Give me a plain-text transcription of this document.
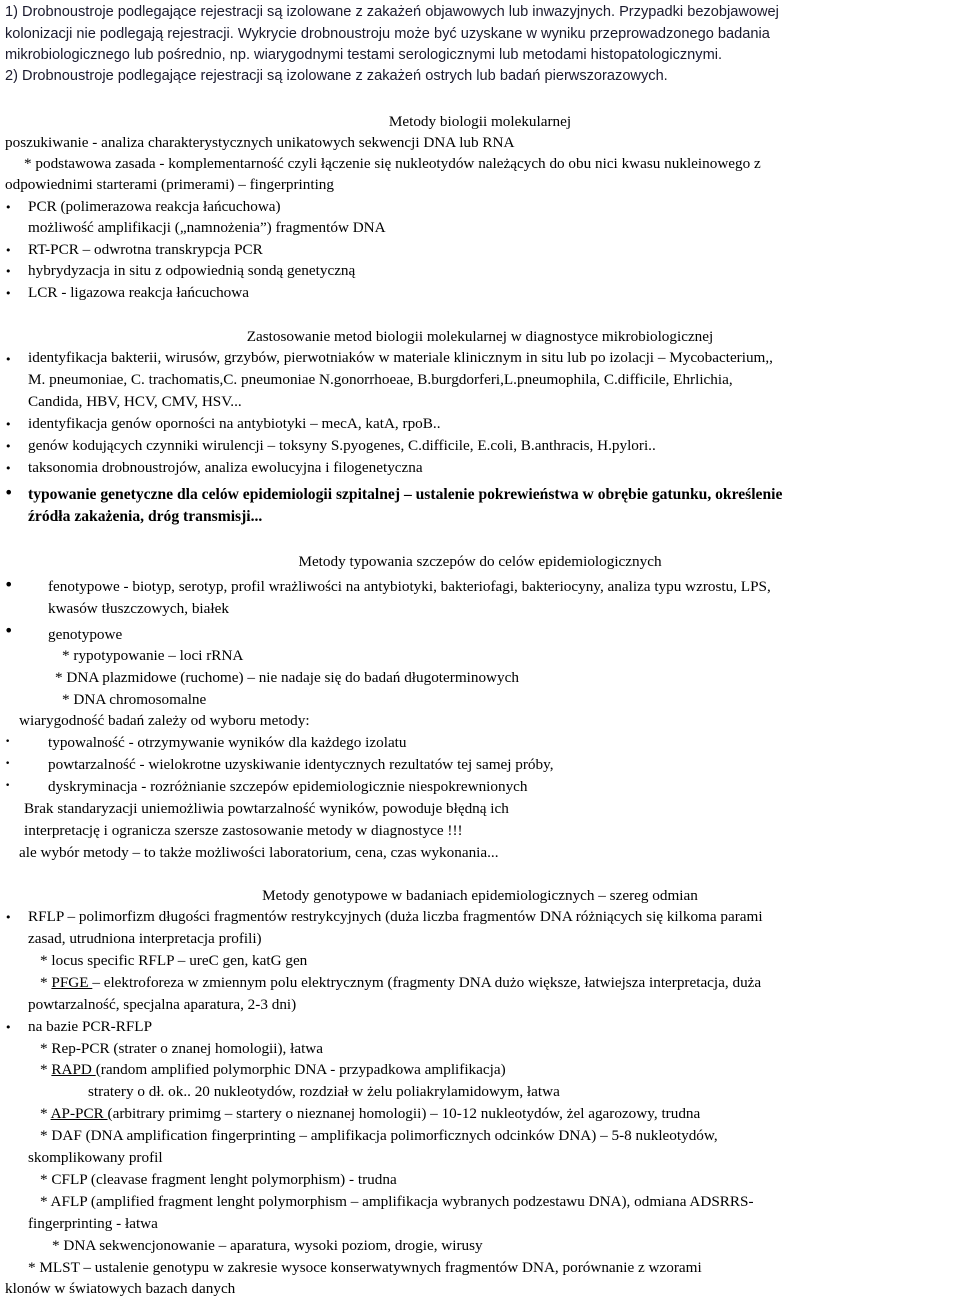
1) Drobnoustroje podlegające rejestracji są izolowane z zakażeń objawowych lub inwazyjnych. Przypadki bezobjawowej
kolonizacji nie podlegają rejestracji. Wykrycie drobnoustroju może być uzyskane w wyniku przeprowadzonego badania
mikrobiologicznego lub pośrednio, np. wiarygodnymi testami serologicznymi lub metodami histopatologicznymi.
2) Drobnoustroje podlegające rejestracji są izolowane z zakażeń ostrych lub badań pierwszorazowych.
Metody biologii molekularnej
poszukiwanie - analiza charakterystycznych unikatowych sekwencji DNA lub RNA
* podstawowa zasada - komplementarność czyli łączenie się nukleotydów należących do obu nici kwasu nukleinowego z
odpowiednimi starterami (primerami) – fingerprinting
• PCR (polimerazowa reakcja łańcuchowa)
możliwość amplifikacji („namnożenia”) fragmentów DNA
• RT-PCR – odwrotna transkrypcja PCR
• hybrydyzacja in situ z odpowiednią sondą genetyczną
• LCR - ligazowa reakcja łańcuchowa
Zastosowanie metod biologii molekularnej w diagnostyce mikrobiologicznej
• identyfikacja bakterii, wirusów, grzybów, pierwotniaków w materiale klinicznym in situ lub po izolacji – Mycobacterium,,
M. pneumoniae, C. trachomatis,C. pneumoniae N.gonorrhoeae, B.burgdorferi,L.pneumophila, C.difficile, Ehrlichia,
Candida, HBV, HCV, CMV, HSV...
• identyfikacja genów oporności na antybiotyki – mecA, katA, rpoB..
• genów kodujących czynniki wirulencji – toksyny S.pyogenes, C.difficile, E.coli, B.anthracis, H.pylori..
• taksonomia drobnoustrojów, analiza ewolucyjna i filogenetyczna
• typowanie genetyczne dla celów epidemiologii szpitalnej – ustalenie pokrewieństwa w obrębie gatunku, określenie
źródła zakażenia, dróg transmisji...
Metody typowania szczepów do celów epidemiologicznych
• fenotypowe - biotyp, serotyp, profil wrażliwości na antybiotyki, bakteriofagi, bakteriocyny, analiza typu wzrostu, LPS,
kwasów tłuszczowych, białek
• genotypowe
* rypotypowanie – loci rRNA
* DNA plazmidowe (ruchome) – nie nadaje się do badań długoterminowych
* DNA chromosomalne
wiarygodność badań zależy od wyboru metody:
• typowalność - otrzymywanie wyników dla każdego izolatu
• powtarzalność - wielokrotne uzyskiwanie identycznych rezultatów tej samej próby,
• dyskryminacja - rozróżnianie szczepów epidemiologicznie niespokrewnionych
Brak standaryzacji uniemożliwia powtarzalność wyników, powoduje błędną ich
interpretację i ogranicza szersze zastosowanie metody w diagnostyce !!!
ale wybór metody – to także możliwości laboratorium, cena, czas wykonania...
Metody genotypowe w badaniach epidemiologicznych – szereg odmian
• RFLP – polimorfizm długości fragmentów restrykcyjnych (duża liczba fragmentów DNA różniących się kilkoma parami
zasad, utrudniona interpretacja profili)
* locus specific RFLP – ureC gen, katG gen
* PFGE – elektroforeza w zmiennym polu elektrycznym (fragmenty DNA dużo większe, łatwiejsza interpretacja, duża
powtarzalność, specjalna aparatura, 2-3 dni)
• na bazie PCR-RFLP
* Rep-PCR (strater o znanej homologii), łatwa
* RAPD (random amplified polymorphic DNA - przypadkowa amplifikacja)
stratery o dł. ok.. 20 nukleotydów, rozdział w żelu poliakrylamidowym, łatwa
* AP-PCR (arbitrary primimg – startery o nieznanej homologii) – 10-12 nukleotydów, żel agarozowy, trudna
* DAF (DNA amplification fingerprinting – amplifikacja polimorficznych odcinków DNA) – 5-8 nukleotydów,
skomplikowany profil
* CFLP (cleavase fragment lenght polymorphism) - trudna
* AFLP (amplified fragment lenght polymorphism – amplifikacja wybranych podzestawu DNA), odmiana ADSRRS-
fingerprinting - łatwa
* DNA sekwencjonowanie – aparatura, wysoki poziom, drogie, wirusy
* MLST – ustalenie genotypu w zakresie wysoce konserwatywnych fragmentów DNA, porównanie z wzorami
klonów w światowych bazach danych
